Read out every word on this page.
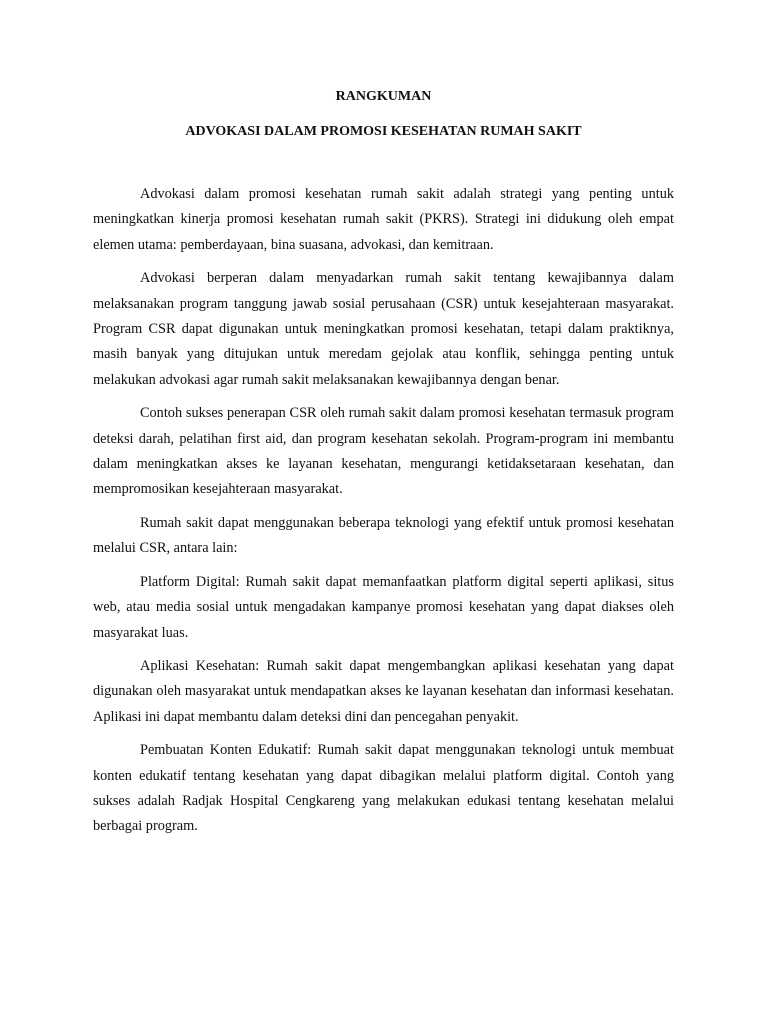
RANGKUMAN
ADVOKASI DALAM PROMOSI KESEHATAN RUMAH SAKIT

Advokasi dalam promosi kesehatan rumah sakit adalah strategi yang penting untuk meningkatkan kinerja promosi kesehatan rumah sakit (PKRS). Strategi ini didukung oleh empat elemen utama: pemberdayaan, bina suasana, advokasi, dan kemitraan.

Advokasi berperan dalam menyadarkan rumah sakit tentang kewajibannya dalam melaksanakan program tanggung jawab sosial perusahaan (CSR) untuk kesejahteraan masyarakat. Program CSR dapat digunakan untuk meningkatkan promosi kesehatan, tetapi dalam praktiknya, masih banyak yang ditujukan untuk meredam gejolak atau konflik, sehingga penting untuk melakukan advokasi agar rumah sakit melaksanakan kewajibannya dengan benar.

Contoh sukses penerapan CSR oleh rumah sakit dalam promosi kesehatan termasuk program deteksi darah, pelatihan first aid, dan program kesehatan sekolah. Program-program ini membantu dalam meningkatkan akses ke layanan kesehatan, mengurangi ketidaksetaraan kesehatan, dan mempromosikan kesejahteraan masyarakat.

Rumah sakit dapat menggunakan beberapa teknologi yang efektif untuk promosi kesehatan melalui CSR, antara lain:

Platform Digital: Rumah sakit dapat memanfaatkan platform digital seperti aplikasi, situs web, atau media sosial untuk mengadakan kampanye promosi kesehatan yang dapat diakses oleh masyarakat luas.

Aplikasi Kesehatan: Rumah sakit dapat mengembangkan aplikasi kesehatan yang dapat digunakan oleh masyarakat untuk mendapatkan akses ke layanan kesehatan dan informasi kesehatan. Aplikasi ini dapat membantu dalam deteksi dini dan pencegahan penyakit.

Pembuatan Konten Edukatif: Rumah sakit dapat menggunakan teknologi untuk membuat konten edukatif tentang kesehatan yang dapat dibagikan melalui platform digital. Contoh yang sukses adalah Radjak Hospital Cengkareng yang melakukan edukasi tentang kesehatan melalui berbagai program.
